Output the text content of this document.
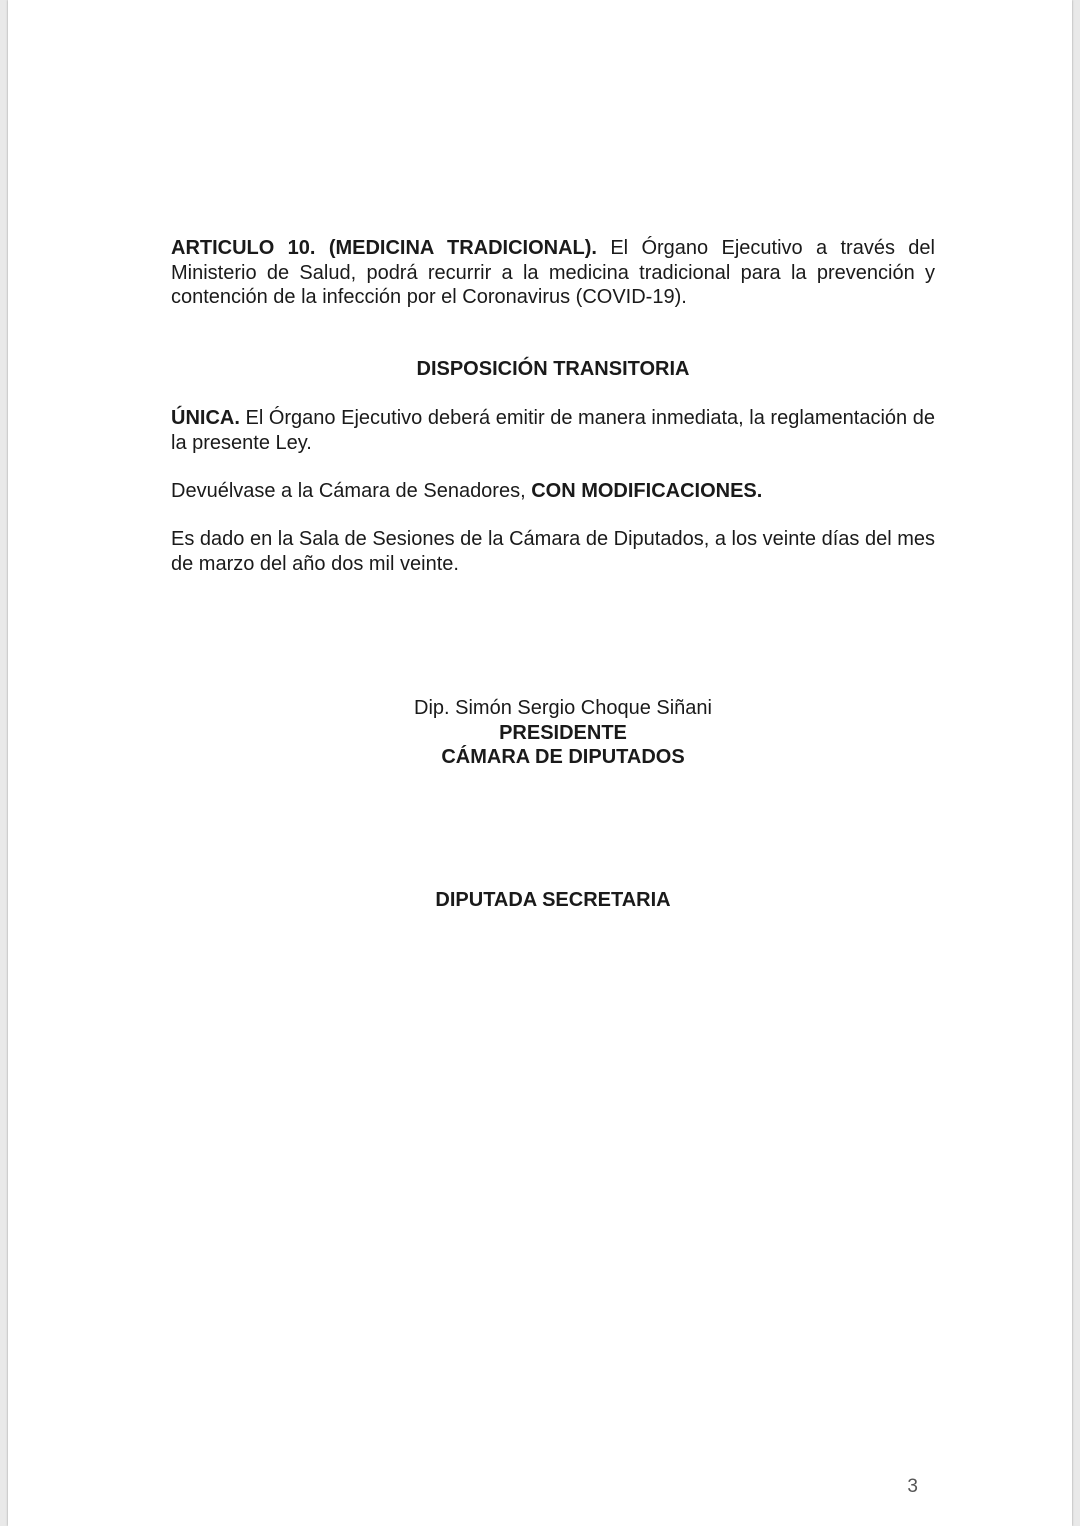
ARTICULO 10. (MEDICINA TRADICIONAL). El Órgano Ejecutivo a través del Ministerio de Salud, podrá recurrir a la medicina tradicional para la prevención y contención de la infección por el Coronavirus (COVID-19).

DISPOSICIÓN TRANSITORIA

ÚNICA. El Órgano Ejecutivo deberá emitir de manera inmediata, la reglamentación de la presente Ley.

Devuélvase a la Cámara de Senadores, CON MODIFICACIONES.

Es dado en la Sala de Sesiones de la Cámara de Diputados, a los veinte días del mes de marzo del año dos mil veinte.

Dip. Simón Sergio Choque Siñani
PRESIDENTE
CÁMARA DE DIPUTADOS
DIPUTADA SECRETARIA
3
